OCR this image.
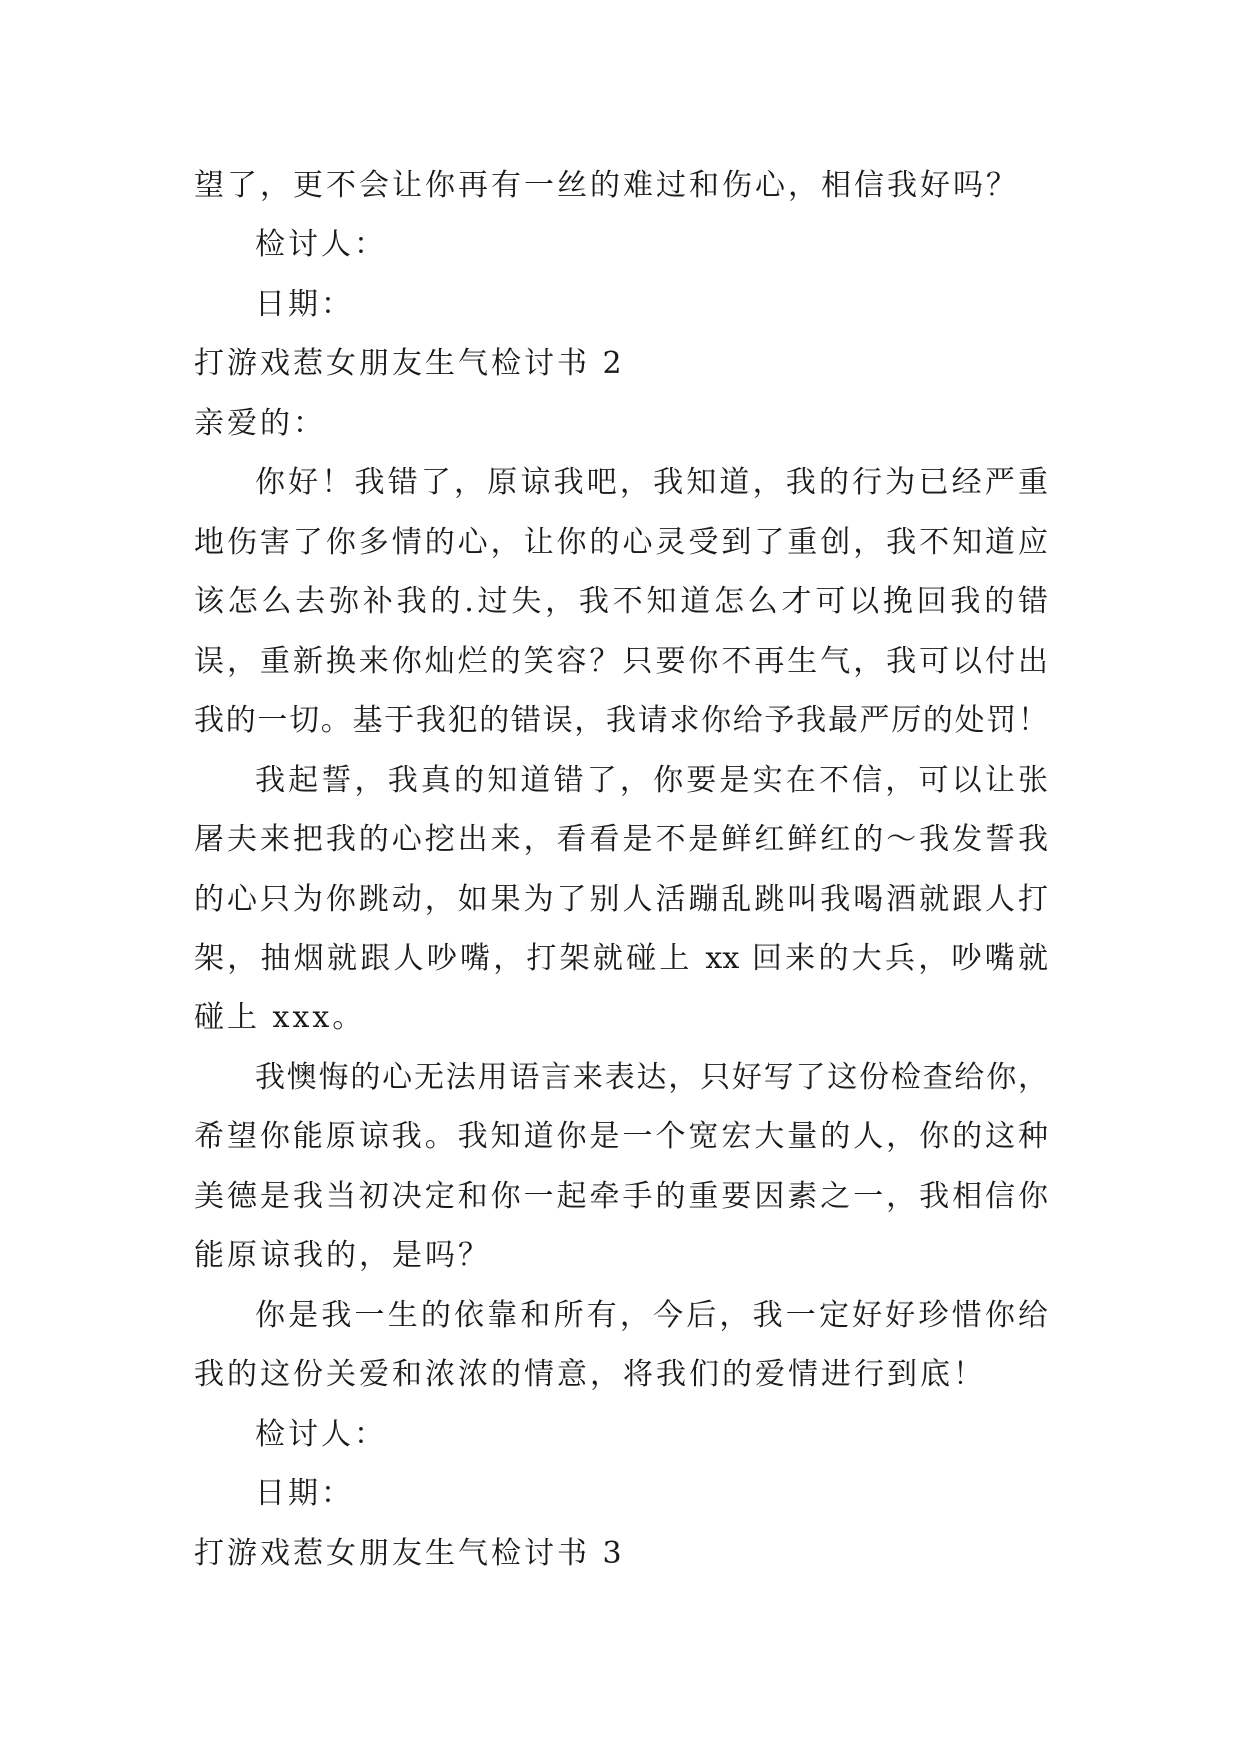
望了，更不会让你再有一丝的难过和伤心，相信我好吗？
检讨人：
日期：
打游戏惹女朋友生气检讨书 2
亲爱的：
你好！我错了，原谅我吧，我知道，我的行为已经严重
地伤害了你多情的心，让你的心灵受到了重创，我不知道应
该怎么去弥补我的.过失，我不知道怎么才可以挽回我的错
误，重新换来你灿烂的笑容？只要你不再生气，我可以付出
我的一切。基于我犯的错误，我请求你给予我最严厉的处罚！
我起誓，我真的知道错了，你要是实在不信，可以让张
屠夫来把我的心挖出来，看看是不是鲜红鲜红的～我发誓我
的心只为你跳动，如果为了别人活蹦乱跳叫我喝酒就跟人打
架，抽烟就跟人吵嘴，打架就碰上 xx 回来的大兵，吵嘴就
碰上 xxx。
我懊悔的心无法用语言来表达，只好写了这份检查给你，
希望你能原谅我。我知道你是一个宽宏大量的人，你的这种
美德是我当初决定和你一起牵手的重要因素之一，我相信你
能原谅我的，是吗？
你是我一生的依靠和所有，今后，我一定好好珍惜你给
我的这份关爱和浓浓的情意，将我们的爱情进行到底！
检讨人：
日期：
打游戏惹女朋友生气检讨书 3
